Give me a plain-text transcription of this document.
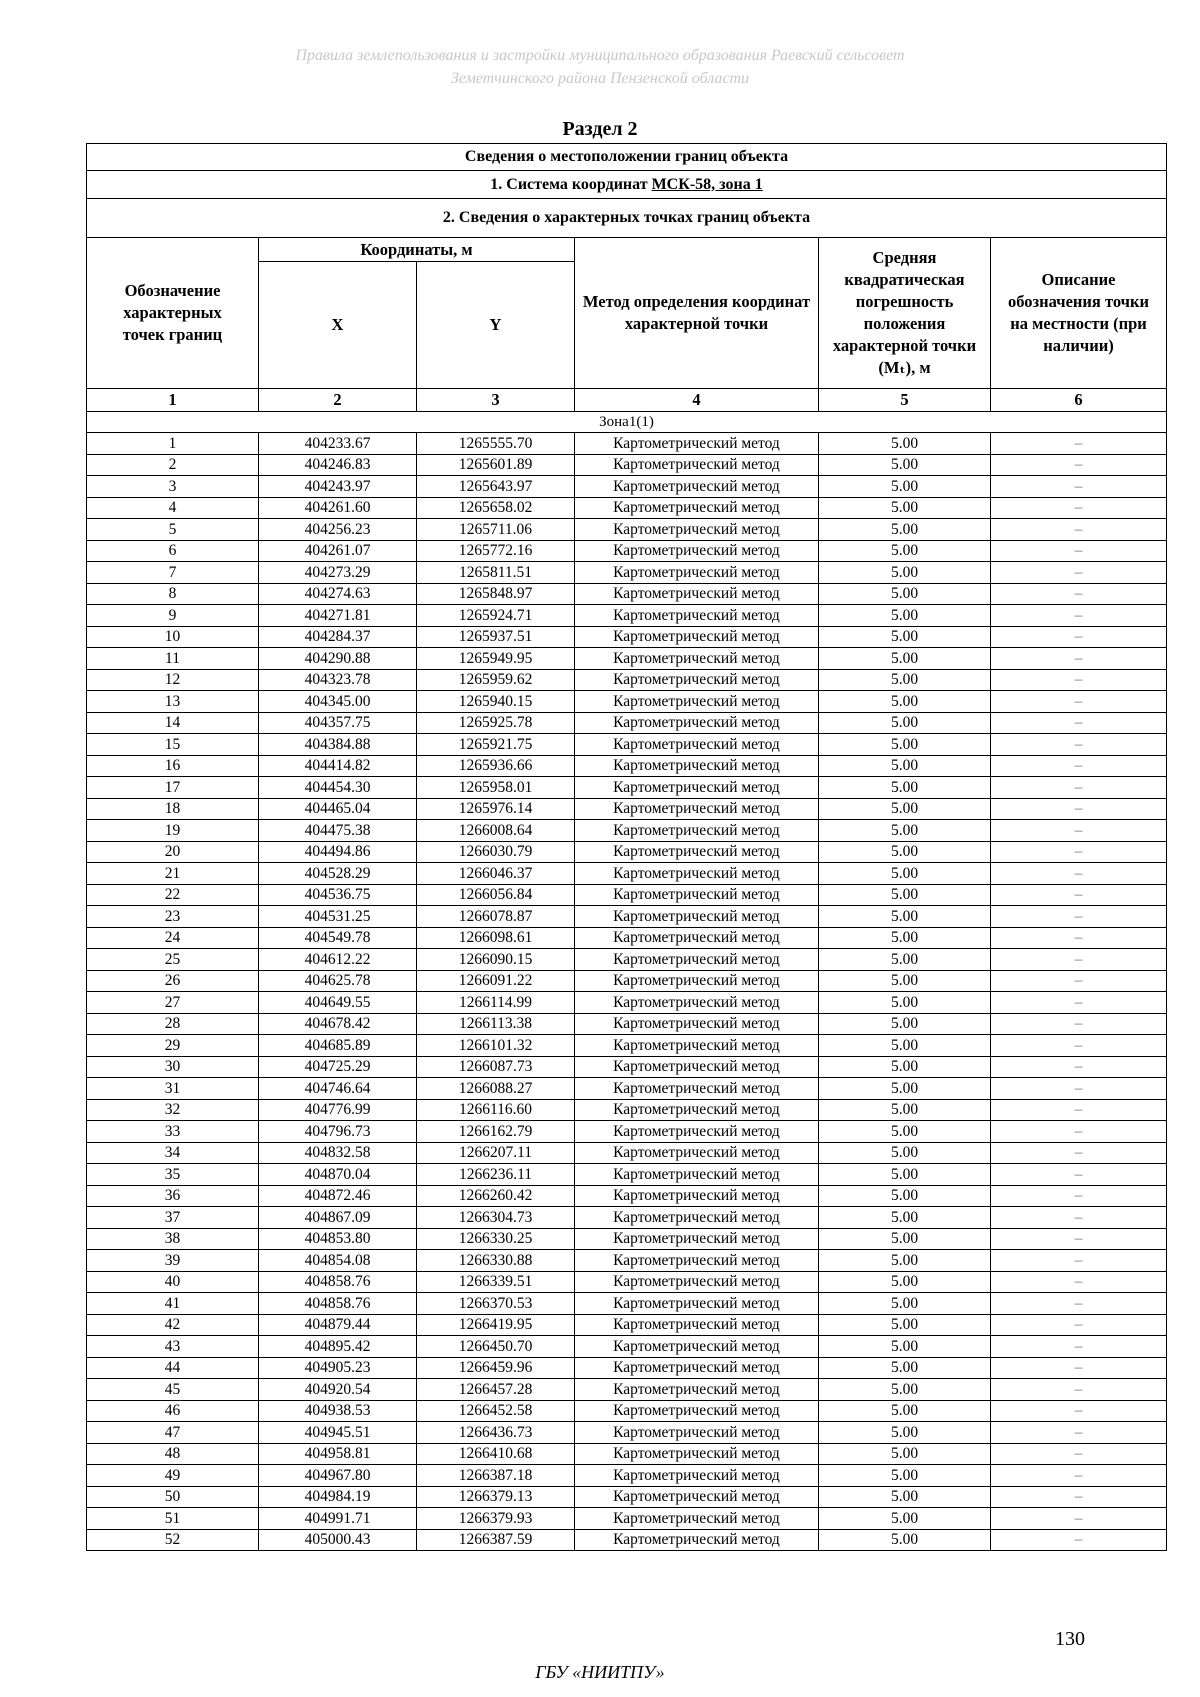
Правила землепользования и застройки муниципального образования Раевский сельсовет
Земетчинского района Пензенской области
Раздел 2
Сведения о местоположении границ объекта					
1. Система координат МСК-58, зона 1					
2. Сведения о характерных точках границ объекта					
Обозначение характерных точек границ	Координаты, м		Метод определения координат характерной точки	Средняя квадратическая погрешность положения характерной точки (Mₜ), м	Описание обозначения точки на местности (при наличии)
	X	Y			
1	2	3	4	5	6
Зона1(1)					
1	404233.67	1265555.70	Картометрический метод	5.00	–
2	404246.83	1265601.89	Картометрический метод	5.00	–
3	404243.97	1265643.97	Картометрический метод	5.00	–
4	404261.60	1265658.02	Картометрический метод	5.00	–
5	404256.23	1265711.06	Картометрический метод	5.00	–
6	404261.07	1265772.16	Картометрический метод	5.00	–
7	404273.29	1265811.51	Картометрический метод	5.00	–
8	404274.63	1265848.97	Картометрический метод	5.00	–
9	404271.81	1265924.71	Картометрический метод	5.00	–
10	404284.37	1265937.51	Картометрический метод	5.00	–
11	404290.88	1265949.95	Картометрический метод	5.00	–
12	404323.78	1265959.62	Картометрический метод	5.00	–
13	404345.00	1265940.15	Картометрический метод	5.00	–
14	404357.75	1265925.78	Картометрический метод	5.00	–
15	404384.88	1265921.75	Картометрический метод	5.00	–
16	404414.82	1265936.66	Картометрический метод	5.00	–
17	404454.30	1265958.01	Картометрический метод	5.00	–
18	404465.04	1265976.14	Картометрический метод	5.00	–
19	404475.38	1266008.64	Картометрический метод	5.00	–
20	404494.86	1266030.79	Картометрический метод	5.00	–
21	404528.29	1266046.37	Картометрический метод	5.00	–
22	404536.75	1266056.84	Картометрический метод	5.00	–
23	404531.25	1266078.87	Картометрический метод	5.00	–
24	404549.78	1266098.61	Картометрический метод	5.00	–
25	404612.22	1266090.15	Картометрический метод	5.00	–
26	404625.78	1266091.22	Картометрический метод	5.00	–
27	404649.55	1266114.99	Картометрический метод	5.00	–
28	404678.42	1266113.38	Картометрический метод	5.00	–
29	404685.89	1266101.32	Картометрический метод	5.00	–
30	404725.29	1266087.73	Картометрический метод	5.00	–
31	404746.64	1266088.27	Картометрический метод	5.00	–
32	404776.99	1266116.60	Картометрический метод	5.00	–
33	404796.73	1266162.79	Картометрический метод	5.00	–
34	404832.58	1266207.11	Картометрический метод	5.00	–
35	404870.04	1266236.11	Картометрический метод	5.00	–
36	404872.46	1266260.42	Картометрический метод	5.00	–
37	404867.09	1266304.73	Картометрический метод	5.00	–
38	404853.80	1266330.25	Картометрический метод	5.00	–
39	404854.08	1266330.88	Картометрический метод	5.00	–
40	404858.76	1266339.51	Картометрический метод	5.00	–
41	404858.76	1266370.53	Картометрический метод	5.00	–
42	404879.44	1266419.95	Картометрический метод	5.00	–
43	404895.42	1266450.70	Картометрический метод	5.00	–
44	404905.23	1266459.96	Картометрический метод	5.00	–
45	404920.54	1266457.28	Картометрический метод	5.00	–
46	404938.53	1266452.58	Картометрический метод	5.00	–
47	404945.51	1266436.73	Картометрический метод	5.00	–
48	404958.81	1266410.68	Картометрический метод	5.00	–
49	404967.80	1266387.18	Картометрический метод	5.00	–
50	404984.19	1266379.13	Картометрический метод	5.00	–
51	404991.71	1266379.93	Картометрический метод	5.00	–
52	405000.43	1266387.59	Картометрический метод	5.00	–
130
ГБУ «НИИТПУ»
